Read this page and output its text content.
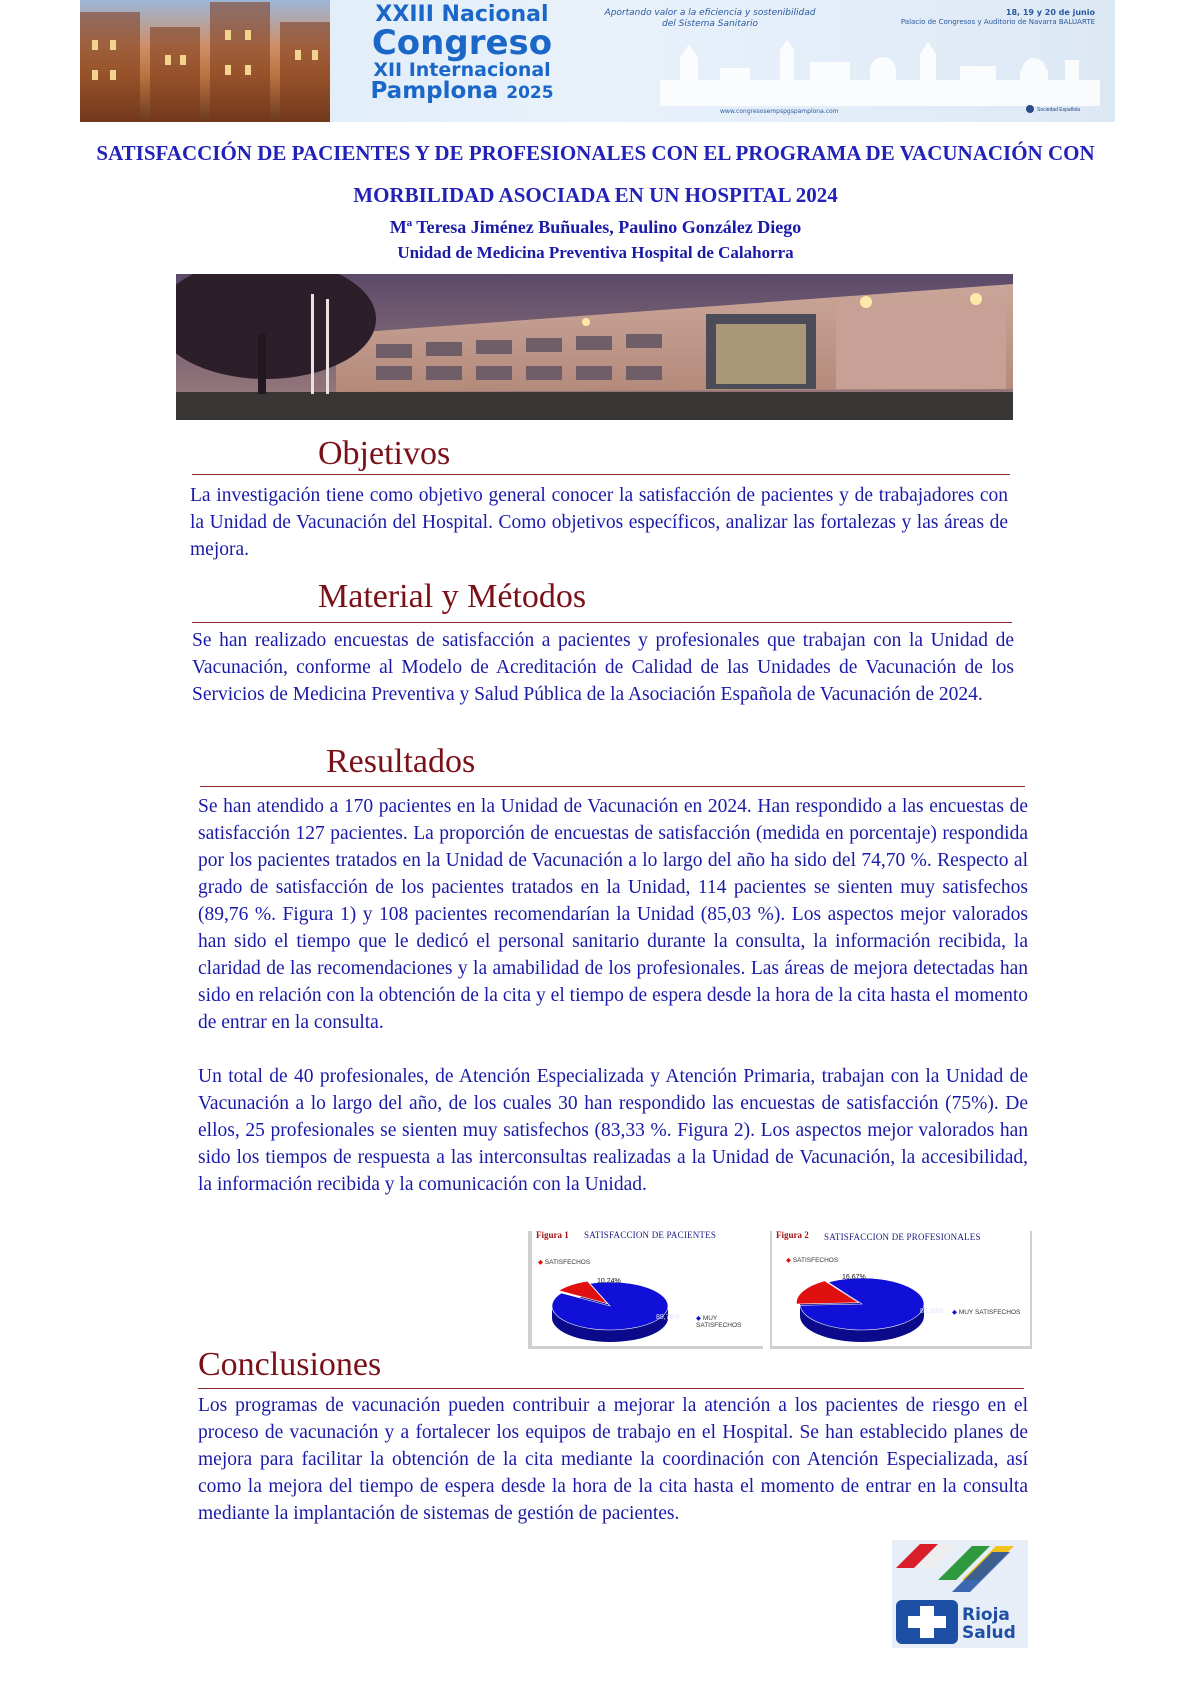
XXIII Nacional
Congreso
XII Internacional
Pamplona 2025
Aportando valor a la eficiencia y sostenibilidad del Sistema Sanitario
18, 19 y 20 de junio
Palacio de Congresos y Auditorio de Navarra BALUARTE
www.congresosempspgspamplona.com	Sociedad Española
SATISFACCIÓN DE PACIENTES Y DE PROFESIONALES CON EL PROGRAMA DE VACUNACIÓN CON MORBILIDAD ASOCIADA EN UN HOSPITAL 2024
Mª Teresa Jiménez Buñuales, Paulino González Diego
Unidad de Medicina Preventiva Hospital de Calahorra
Objetivos

La investigación tiene como objetivo general conocer la satisfacción de pacientes y de trabajadores con la Unidad de Vacunación del Hospital. Como objetivos específicos, analizar las fortalezas y las áreas de mejora.

Material y Métodos

Se han realizado encuestas de satisfacción a pacientes y profesionales que trabajan con la Unidad de Vacunación, conforme al Modelo de Acreditación de Calidad de las Unidades de Vacunación de los Servicios de Medicina Preventiva y Salud Pública de la Asociación Española de Vacunación de 2024.

Resultados

Se han atendido a 170 pacientes en la Unidad de Vacunación en 2024. Han respondido a las encuestas de satisfacción 127 pacientes. La proporción de encuestas de satisfacción (medida en porcentaje) respondida por los pacientes tratados en la Unidad de Vacunación a lo largo del año ha sido del 74,70 %. Respecto al grado de satisfacción de los pacientes tratados en la Unidad, 114 pacientes se sienten muy satisfechos (89,76 %. Figura 1) y 108 pacientes recomendarían la Unidad (85,03 %). Los aspectos mejor valorados han sido el tiempo que le dedicó el personal sanitario durante la consulta, la información recibida, la claridad de las recomendaciones y la amabilidad de los profesionales. Las áreas de mejora detectadas han sido en relación con la obtención de la cita y el tiempo de espera desde la hora de la cita hasta el momento de entrar en la consulta.

Un total de 40 profesionales, de Atención Especializada y Atención Primaria, trabajan con la Unidad de Vacunación a lo largo del año, de los cuales 30 han respondido las encuestas de satisfacción (75%). De ellos, 25 profesionales se sienten muy satisfechos (83,33 %. Figura 2). Los aspectos mejor valorados han sido los tiempos de respuesta a las interconsultas realizadas a la Unidad de Vacunación, la accesibilidad, la información recibida y la comunicación con la Unidad.

Figura 1 SATISFACCION DE PACIENTES
◆ SATISFECHOS
◆ MUY SATISFECHOS
89,76%
10,24%
Figura 2 SATISFACCION DE PROFESIONALES
◆ SATISFECHOS
◆ MUY SATISFECHOS
83,33%
16,67%
Conclusiones

Los programas de vacunación pueden contribuir a mejorar la atención a los pacientes de riesgo en el proceso de vacunación y a fortalecer los equipos de trabajo en el Hospital. Se han establecido planes de mejora para facilitar la obtención de la cita mediante la coordinación con Atención Especializada, así como la mejora del tiempo de espera desde la hora de la cita hasta el momento de entrar en la consulta mediante la implantación de sistemas de gestión de pacientes.

Rioja
Salud
